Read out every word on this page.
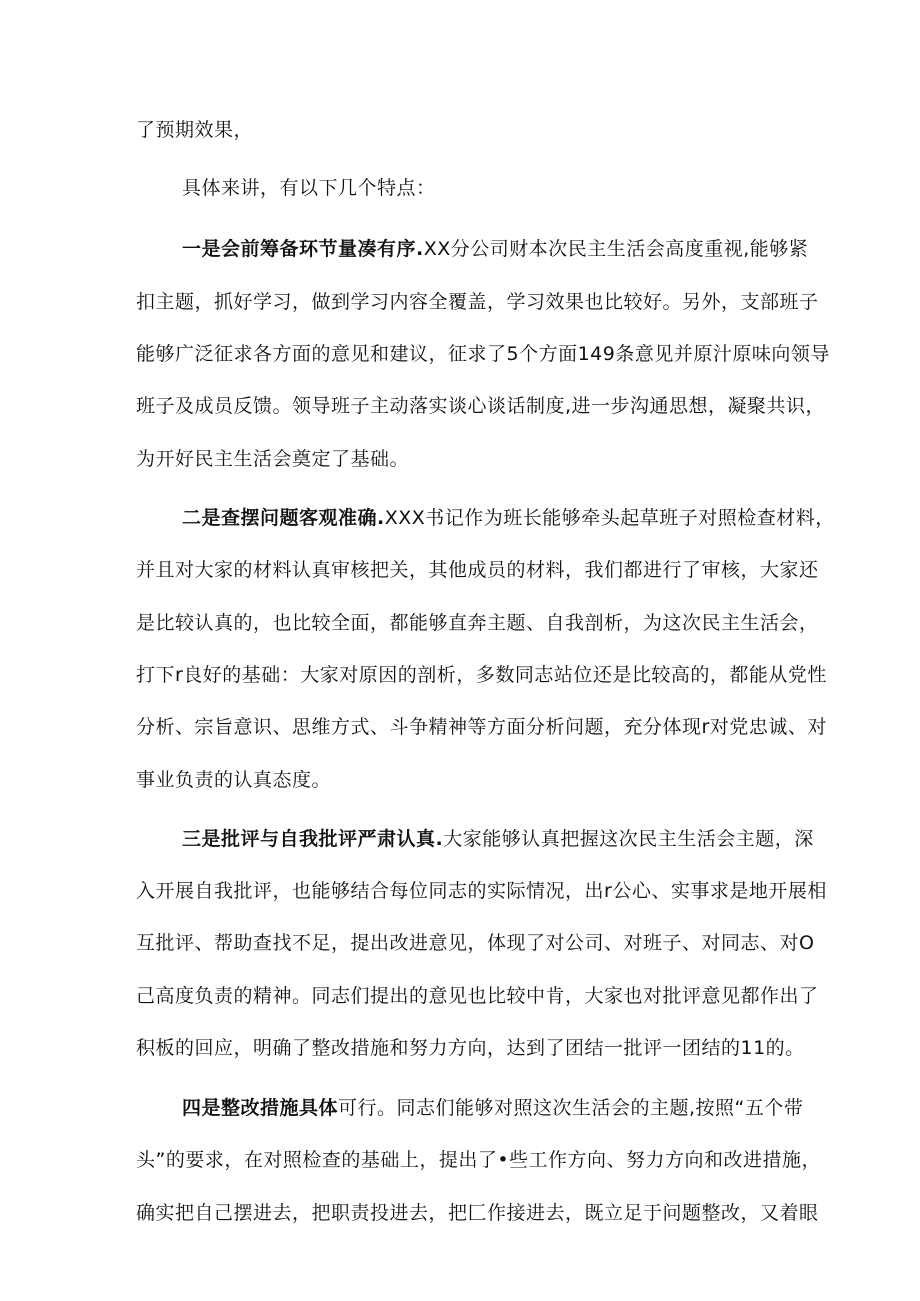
了预期效果，
具体来讲，有以下几个特点：
一是会前筹备环节量凑有序.XX分公司财本次民主生活会高度重视,能够紧
扣主题，抓好学习，做到学习内容全覆盖，学习效果也比较好。另外，支部班子
能够广泛征求各方面的意见和建议，征求了5个方面149条意见并原汁原味向领导
班子及成员反馈。领导班子主动落实谈心谈话制度,进一步沟通思想，凝聚共识，
为开好民主生活会奠定了基础。
二是查摆问题客观准确.XXX书记作为班长能够牵头起草班子对照检查材料，
并且对大家的材料认真审核把关，其他成员的材料，我们都进行了审核，大家还
是比较认真的，也比较全面，都能够直奔主题、自我剖析，为这次民主生活会，
打下r良好的基础：大家对原因的剖析，多数同志站位还是比较高的，都能从党性
分析、宗旨意识、思维方式、斗争精神等方面分析问题，充分体现r对党忠诚、对
事业负责的认真态度。
三是批评与自我批评严肃认真.大家能够认真把握这次民主生活会主题，深
入开展自我批评，也能够结合每位同志的实际情况，出r公心、实事求是地开展相
互批评、帮助查找不足，提出改进意见，体现了对公司、对班子、对同志、对O
己高度负责的精神。同志们提出的意见也比较中肯，大家也对批评意见都作出了
积板的回应，明确了整改措施和努力方向，达到了团结一批评一团结的11的。
四是整改措施具体可行。同志们能够对照这次生活会的主题,按照“五个带
头”的要求，在对照检查的基础上，提出了•些工作方向、努力方向和改进措施，
确实把自己摆进去，把职责投进去，把匚作接进去，既立足于问题整改，又着眼
